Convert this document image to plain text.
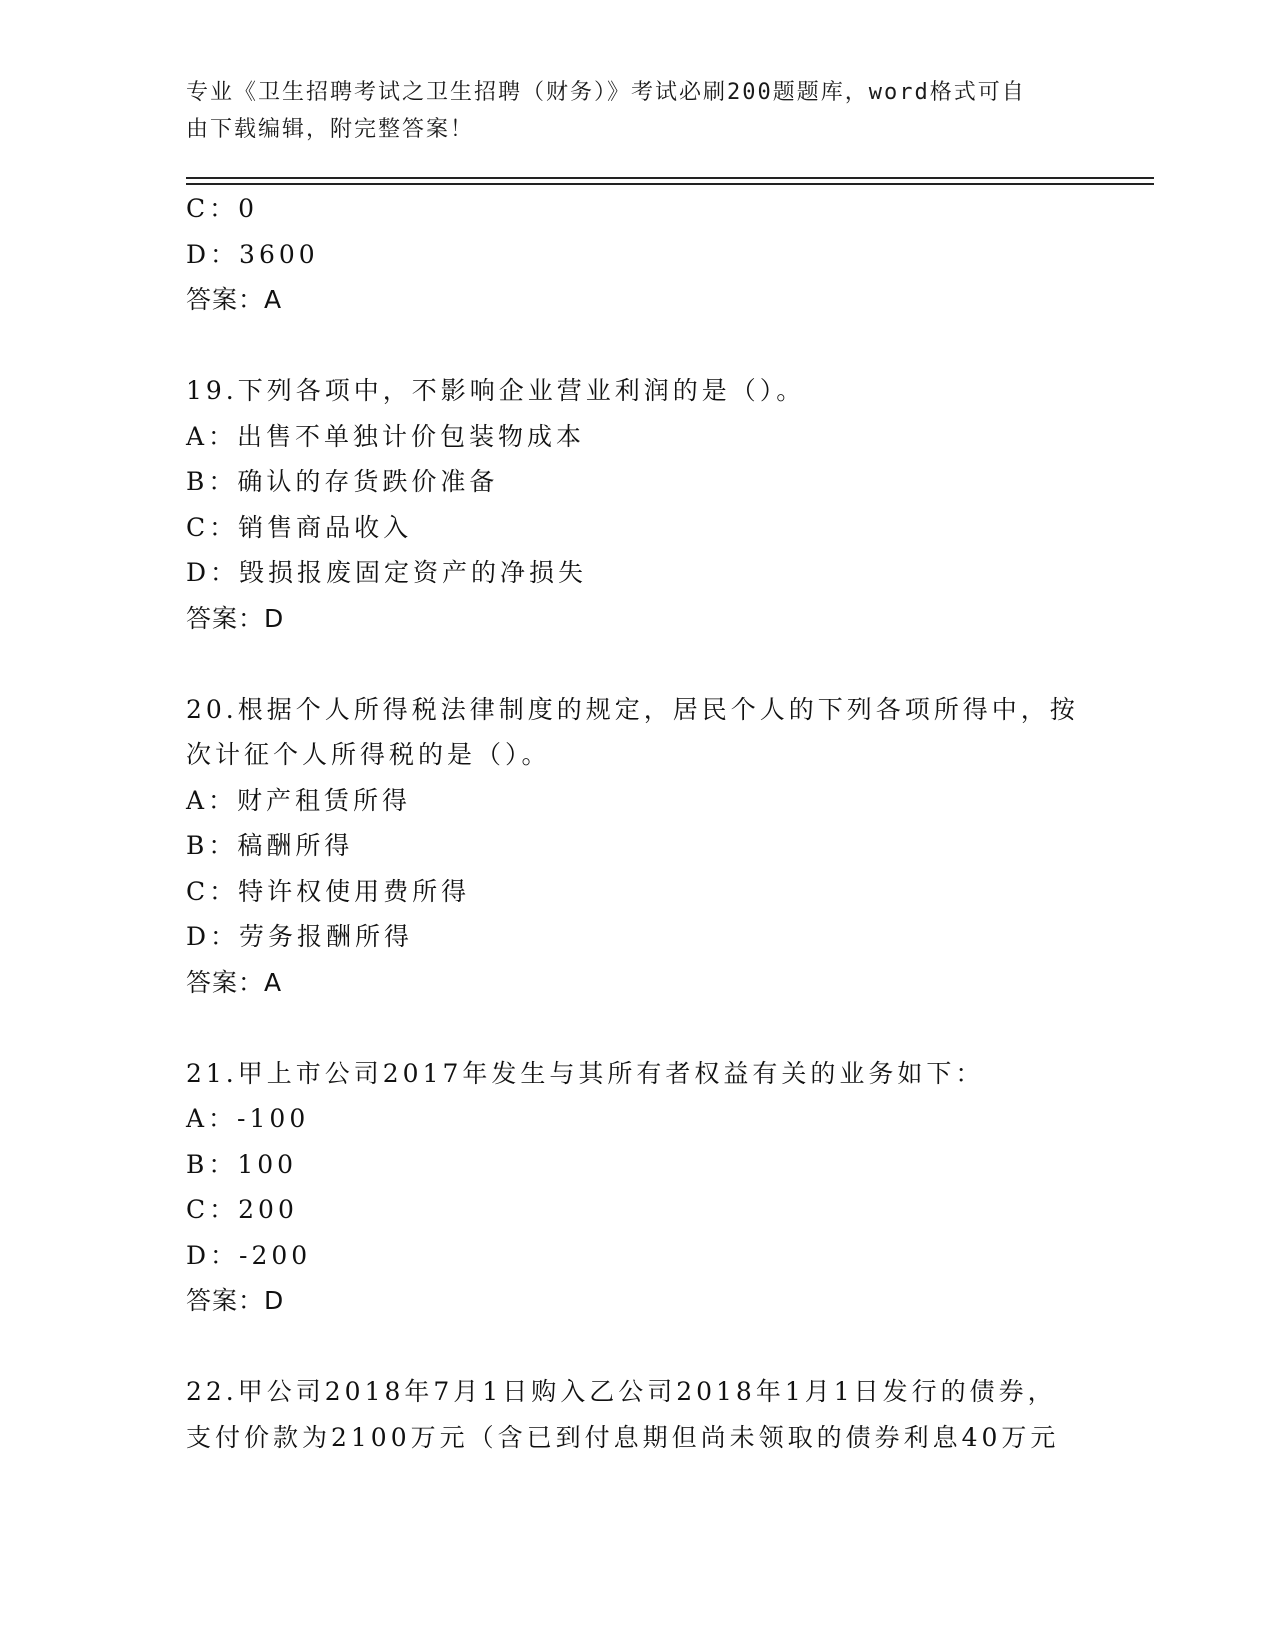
专业《卫生招聘考试之卫生招聘（财务）》考试必刷200题题库，word格式可自
由下载编辑，附完整答案！
C：0
D：3600
答案：A
19.下列各项中，不影响企业营业利润的是（）。
A：出售不单独计价包装物成本
B：确认的存货跌价准备
C：销售商品收入
D：毁损报废固定资产的净损失
答案：D
20.根据个人所得税法律制度的规定，居民个人的下列各项所得中，按
次计征个人所得税的是（）。
A：财产租赁所得
B：稿酬所得
C：特许权使用费所得
D：劳务报酬所得
答案：A
21.甲上市公司2017年发生与其所有者权益有关的业务如下：
A：-100
B：100
C：200
D：-200
答案：D
22.甲公司2018年7月1日购入乙公司2018年1月1日发行的债券，
支付价款为2100万元（含已到付息期但尚未领取的债券利息40万元
